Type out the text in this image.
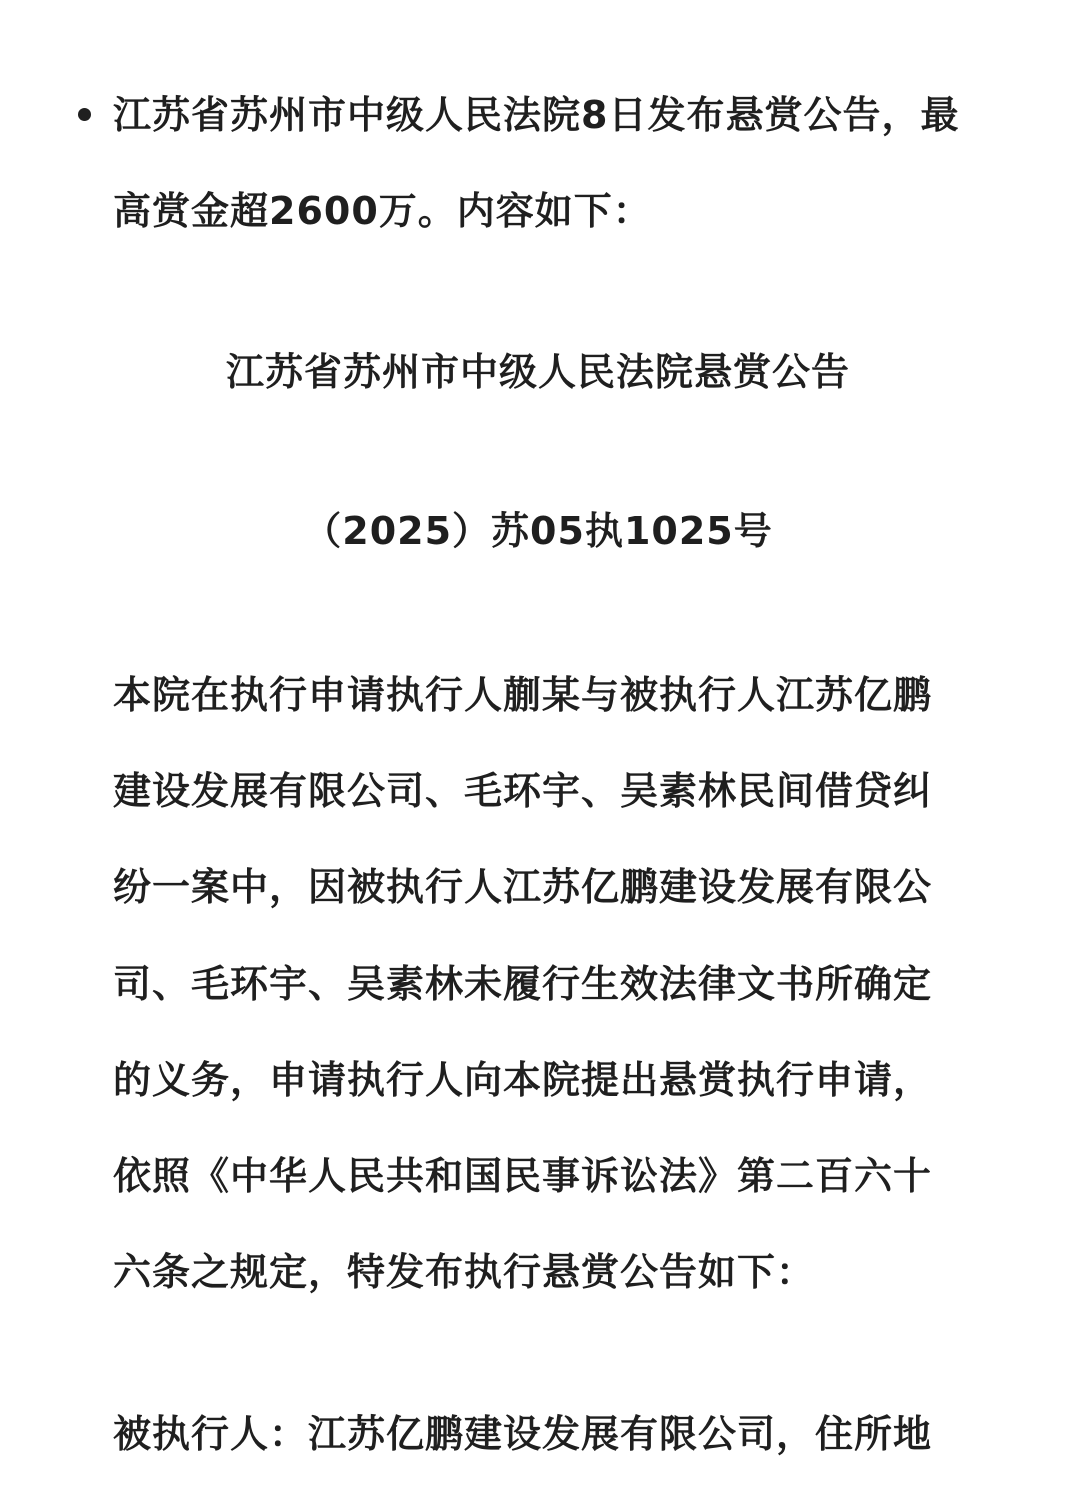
江苏省苏州市中级人民法院8日发布悬赏公告，最
高赏金超2600万。内容如下：
江苏省苏州市中级人民法院悬赏公告
（2025）苏05执1025号
本院在执行申请执行人蒯某与被执行人江苏亿鹏
建设发展有限公司、毛环宇、吴素林民间借贷纠
纷一案中，因被执行人江苏亿鹏建设发展有限公
司、毛环宇、吴素林未履行生效法律文书所确定
的义务，申请执行人向本院提出悬赏执行申请，
依照《中华人民共和国民事诉讼法》第二百六十
六条之规定，特发布执行悬赏公告如下：
被执行人：江苏亿鹏建设发展有限公司，住所地
